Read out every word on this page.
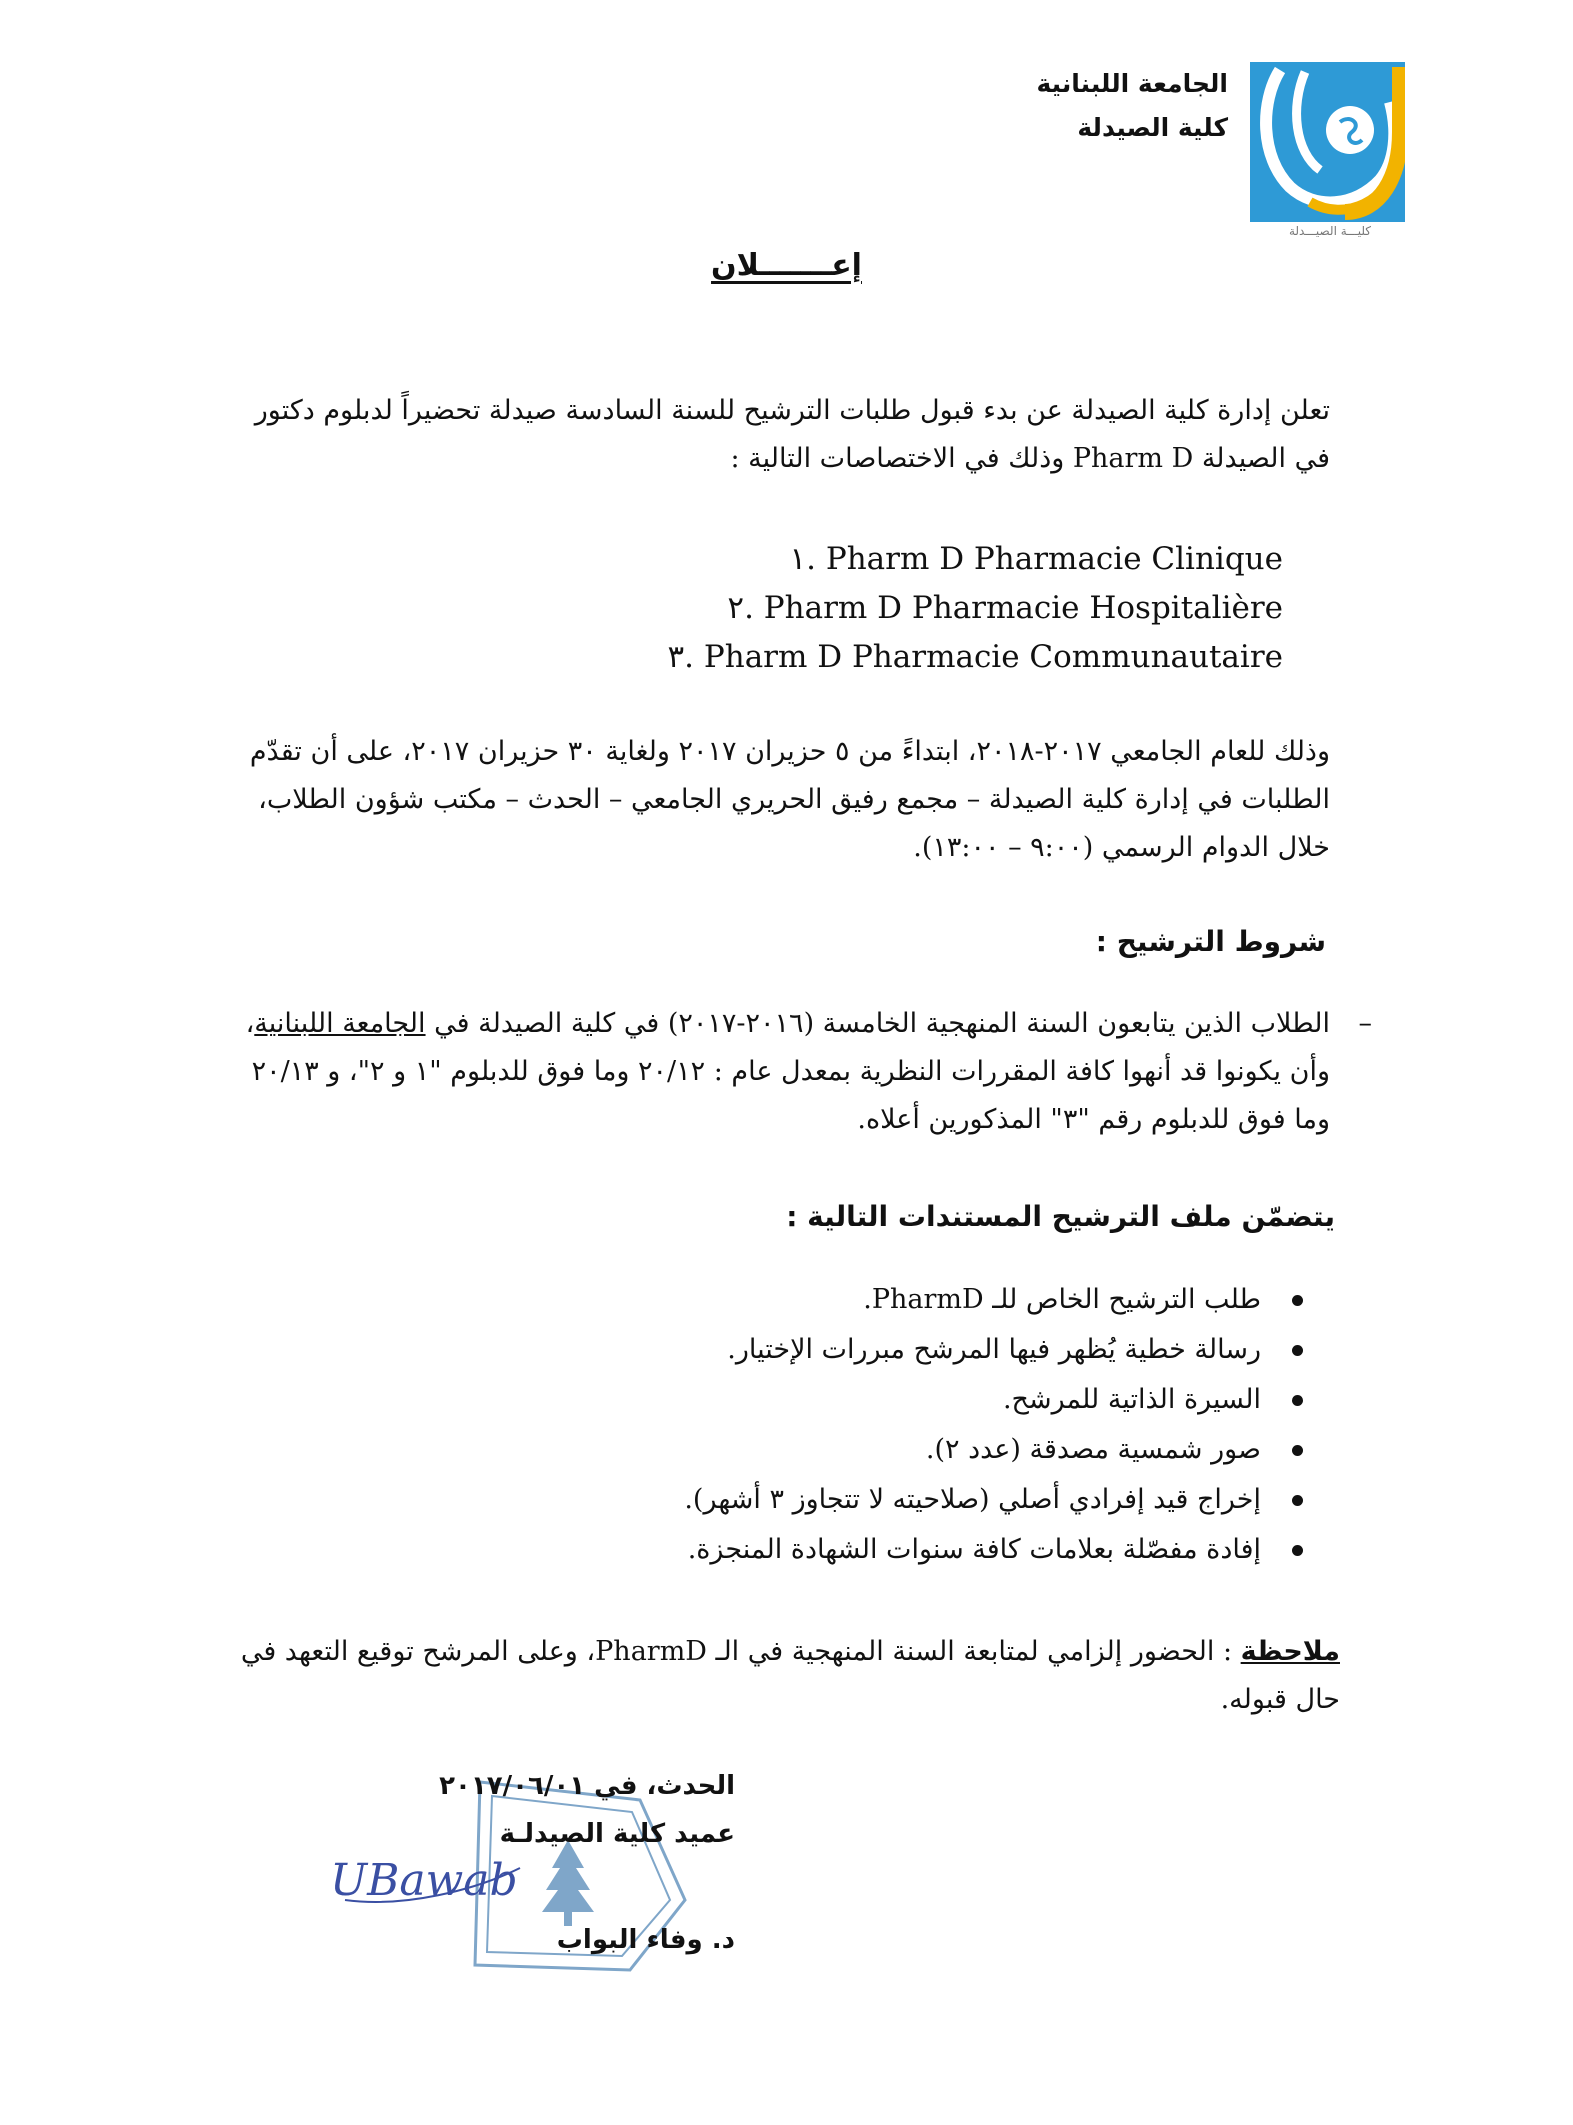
الجامعة اللبنانية
كلية الصيدلة
كليـــة الصيـــدلة
إعـــــــلان
تعلن إدارة كلية الصيدلة عن بدء قبول طلبات الترشيح للسنة السادسة صيدلة تحضيراً لدبلوم دكتور في الصيدلة Pharm D وذلك في الاختصاصات التالية :
١. Pharm D Pharmacie Clinique
٢. Pharm D Pharmacie Hospitalière
٣. Pharm D Pharmacie Communautaire
وذلك للعام الجامعي ٢٠١٧-٢٠١٨، ابتداءً من ٥ حزيران ٢٠١٧ ولغاية ٣٠ حزيران ٢٠١٧، على أن تقدّم الطلبات في إدارة كلية الصيدلة – مجمع رفيق الحريري الجامعي – الحدث – مكتب شؤون الطلاب، خلال الدوام الرسمي (٩:٠٠ – ١٣:٠٠).
شروط الترشيح :
–
الطلاب الذين يتابعون السنة المنهجية الخامسة (٢٠١٦-٢٠١٧) في كلية الصيدلة في الجامعة اللبنانية، وأن يكونوا قد أنهوا كافة المقررات النظرية بمعدل عام : ٢٠/١٢ وما فوق للدبلوم "١ و ٢"، و ٢٠/١٣ وما فوق للدبلوم رقم "٣" المذكورين أعلاه.
يتضمّن ملف الترشيح المستندات التالية :
طلب الترشيح الخاص للـ PharmD.
رسالة خطية يُظهر فيها المرشح مبررات الإختيار.
السيرة الذاتية للمرشح.
صور شمسية مصدقة (عدد ٢).
إخراج قيد إفرادي أصلي (صلاحيته لا تتجاوز ٣ أشهر).
إفادة مفصّلة بعلامات كافة سنوات الشهادة المنجزة.
ملاحظة : الحضور إلزامي لمتابعة السنة المنهجية في الـ PharmD، وعلى المرشح توقيع التعهد في حال قبوله.
UBawab
الحدث، في ٢٠١٧/٠٦/٠١
عميد كلية الصيدلـة
د. وفاء البواب
